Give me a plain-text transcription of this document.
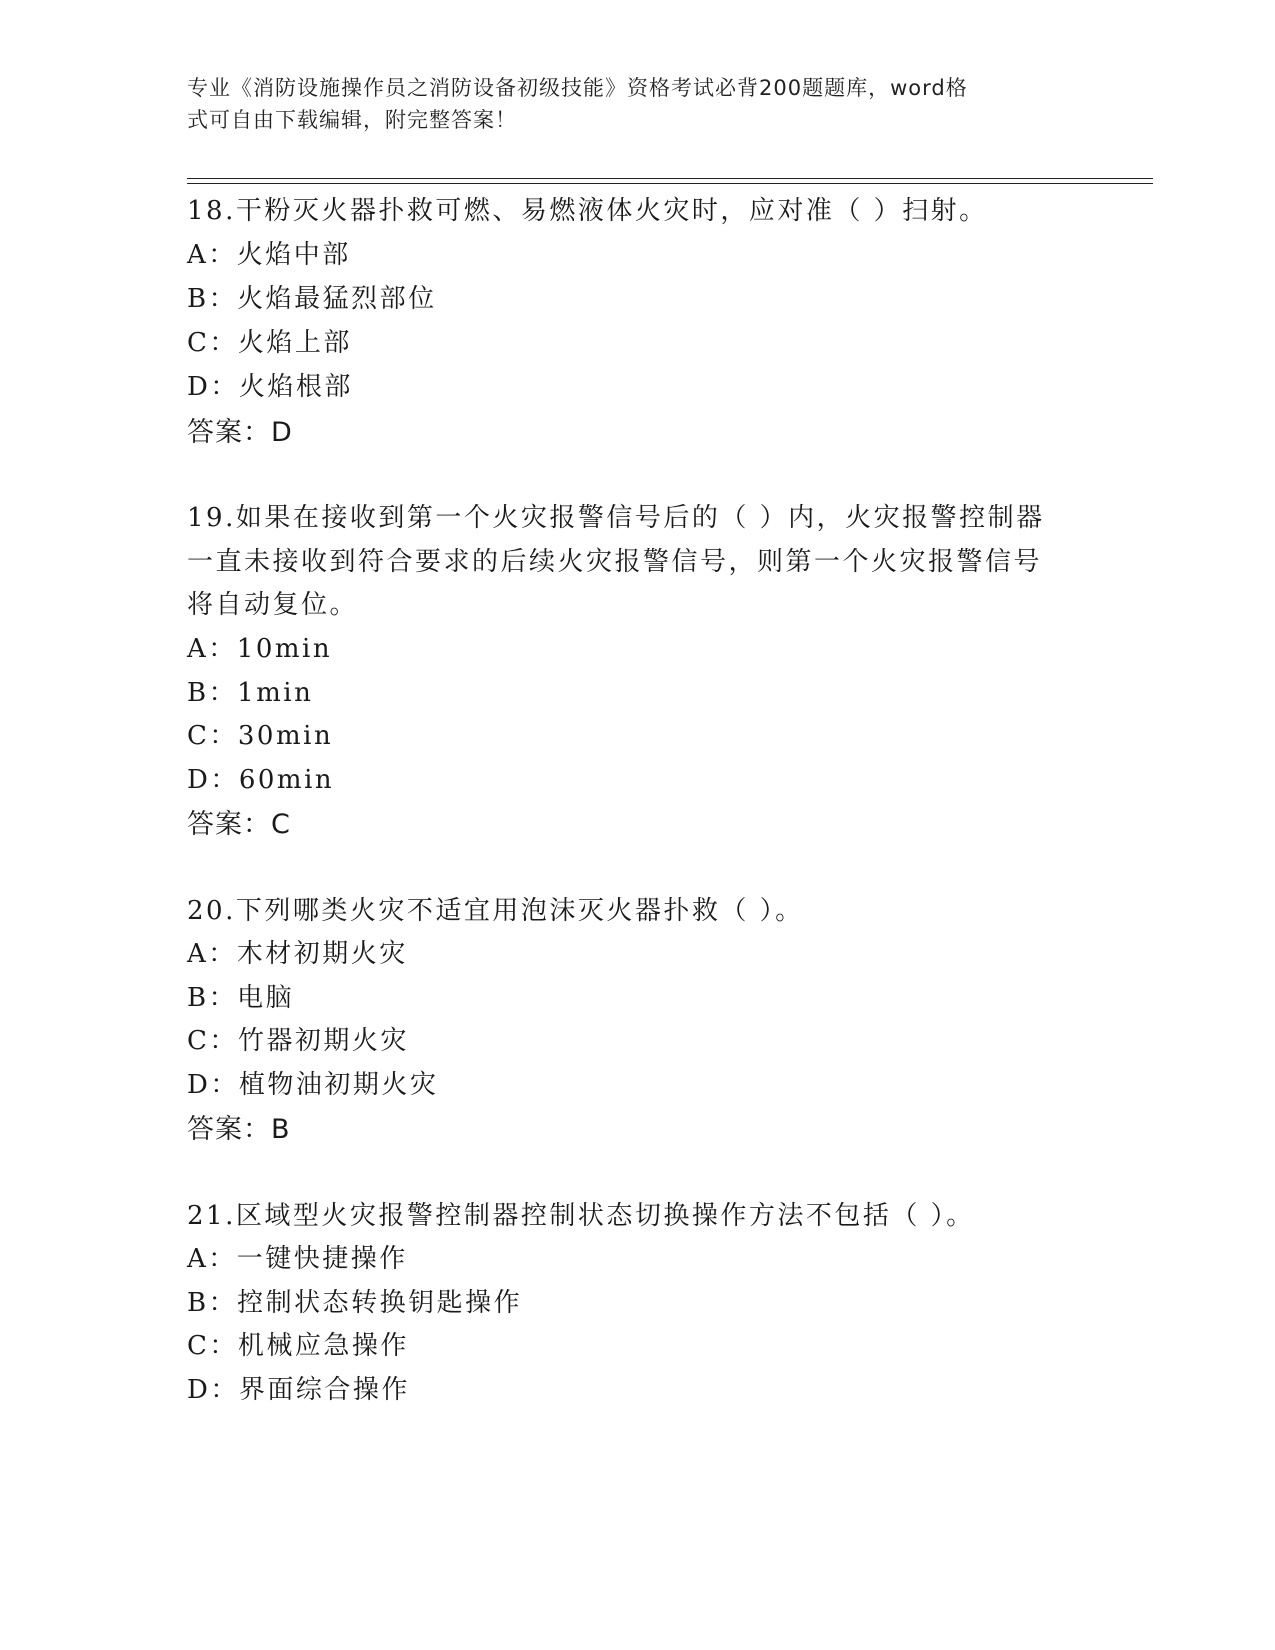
专业《消防设施操作员之消防设备初级技能》资格考试必背200题题库，word格
式可自由下载编辑，附完整答案！
18.干粉灭火器扑救可燃、易燃液体火灾时，应对准（ ）扫射。
A：火焰中部
B：火焰最猛烈部位
C：火焰上部
D：火焰根部
答案：D
19.如果在接收到第一个火灾报警信号后的（ ）内，火灾报警控制器
一直未接收到符合要求的后续火灾报警信号，则第一个火灾报警信号
将自动复位。
A：10min
B：1min
C：30min
D：60min
答案：C
20.下列哪类火灾不适宜用泡沫灭火器扑救（ ）。
A：木材初期火灾
B：电脑
C：竹器初期火灾
D：植物油初期火灾
答案：B
21.区域型火灾报警控制器控制状态切换操作方法不包括（ ）。
A：一键快捷操作
B：控制状态转换钥匙操作
C：机械应急操作
D：界面综合操作
